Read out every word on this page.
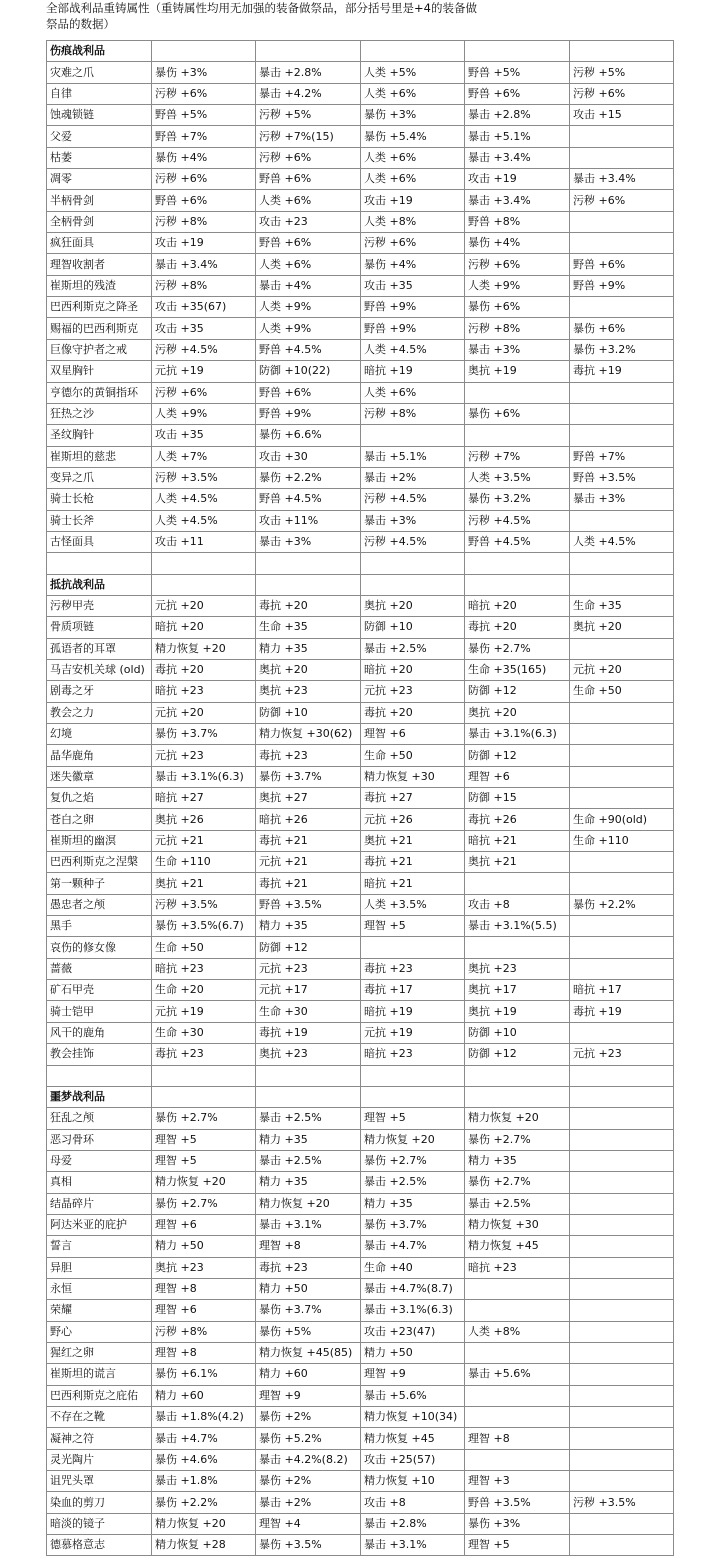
全部战利品重铸属性（重铸属性均用无加强的装备做祭品，部分括号里是+4的装备做祭品的数据）
伤痕战利品					
灾难之爪	暴伤 +3%	暴击 +2.8%	人类 +5%	野兽 +5%	污秽 +5%
自律	污秽 +6%	暴击 +4.2%	人类 +6%	野兽 +6%	污秽 +6%
蚀魂锁链	野兽 +5%	污秽 +5%	暴伤 +3%	暴击 +2.8%	攻击 +15
父爱	野兽 +7%	污秽 +7%(15)	暴伤 +5.4%	暴击 +5.1%	
枯萎	暴伤 +4%	污秽 +6%	人类 +6%	暴击 +3.4%	
凋零	污秽 +6%	野兽 +6%	人类 +6%	攻击 +19	暴击 +3.4%
半柄骨剑	野兽 +6%	人类 +6%	攻击 +19	暴击 +3.4%	污秽 +6%
全柄骨剑	污秽 +8%	攻击 +23	人类 +8%	野兽 +8%	
疯狂面具	攻击 +19	野兽 +6%	污秽 +6%	暴伤 +4%	
理智收割者	暴击 +3.4%	人类 +6%	暴伤 +4%	污秽 +6%	野兽 +6%
崔斯坦的残渣	污秽 +8%	暴击 +4%	攻击 +35	人类 +9%	野兽 +9%
巴西利斯克之降圣	攻击 +35(67)	人类 +9%	野兽 +9%	暴伤 +6%	
赐福的巴西利斯克	攻击 +35	人类 +9%	野兽 +9%	污秽 +8%	暴伤 +6%
巨像守护者之戒	污秽 +4.5%	野兽 +4.5%	人类 +4.5%	暴击 +3%	暴伤 +3.2%
双星胸针	元抗 +19	防御 +10(22)	暗抗 +19	奥抗 +19	毒抗 +19
亨德尔的黄铜指环	污秽 +6%	野兽 +6%	人类 +6%		
狂热之沙	人类 +9%	野兽 +9%	污秽 +8%	暴伤 +6%	
圣纹胸针	攻击 +35	暴伤 +6.6%			
崔斯坦的慈悲	人类 +7%	攻击 +30	暴击 +5.1%	污秽 +7%	野兽 +7%
变异之爪	污秽 +3.5%	暴伤 +2.2%	暴击 +2%	人类 +3.5%	野兽 +3.5%
骑士长枪	人类 +4.5%	野兽 +4.5%	污秽 +4.5%	暴伤 +3.2%	暴击 +3%
骑士长斧	人类 +4.5%	攻击 +11%	暴击 +3%	污秽 +4.5%	
古怪面具	攻击 +11	暴击 +3%	污秽 +4.5%	野兽 +4.5%	人类 +4.5%

抵抗战利品					
污秽甲壳	元抗 +20	毒抗 +20	奥抗 +20	暗抗 +20	生命 +35
骨质项链	暗抗 +20	生命 +35	防御 +10	毒抗 +20	奥抗 +20
孤语者的耳罩	精力恢复 +20	精力 +35	暴击 +2.5%	暴伤 +2.7%	
马吉安机关球 (old)	毒抗 +20	奥抗 +20	暗抗 +20	生命 +35(165)	元抗 +20
剧毒之牙	暗抗 +23	奥抗 +23	元抗 +23	防御 +12	生命 +50
教会之力	元抗 +20	防御 +10	毒抗 +20	奥抗 +20	
幻境	暴伤 +3.7%	精力恢复 +30(62)	理智 +6	暴击 +3.1%(6.3)	
晶华鹿角	元抗 +23	毒抗 +23	生命 +50	防御 +12	
迷失徽章	暴击 +3.1%(6.3)	暴伤 +3.7%	精力恢复 +30	理智 +6	
复仇之焰	暗抗 +27	奥抗 +27	毒抗 +27	防御 +15	
苍白之卵	奥抗 +26	暗抗 +26	元抗 +26	毒抗 +26	生命 +90(old)
崔斯坦的幽溟	元抗 +21	毒抗 +21	奥抗 +21	暗抗 +21	生命 +110
巴西利斯克之涅槃	生命 +110	元抗 +21	毒抗 +21	奥抗 +21	
第一颗种子	奥抗 +21	毒抗 +21	暗抗 +21		
愚忠者之颅	污秽 +3.5%	野兽 +3.5%	人类 +3.5%	攻击 +8	暴伤 +2.2%
黑手	暴伤 +3.5%(6.7)	精力 +35	理智 +5	暴击 +3.1%(5.5)	
哀伤的修女像	生命 +50	防御 +12			
蔷薇	暗抗 +23	元抗 +23	毒抗 +23	奥抗 +23	
矿石甲壳	生命 +20	元抗 +17	毒抗 +17	奥抗 +17	暗抗 +17
骑士铠甲	元抗 +19	生命 +30	暗抗 +19	奥抗 +19	毒抗 +19
风干的鹿角	生命 +30	毒抗 +19	元抗 +19	防御 +10	
教会挂饰	毒抗 +23	奥抗 +23	暗抗 +23	防御 +12	元抗 +23

噩梦战利品					
狂乱之颅	暴伤 +2.7%	暴击 +2.5%	理智 +5	精力恢复 +20	
恶习骨环	理智 +5	精力 +35	精力恢复 +20	暴伤 +2.7%	
母爱	理智 +5	暴击 +2.5%	暴伤 +2.7%	精力 +35	
真相	精力恢复 +20	精力 +35	暴击 +2.5%	暴伤 +2.7%	
结晶碎片	暴伤 +2.7%	精力恢复 +20	精力 +35	暴击 +2.5%	
阿达米亚的庇护	理智 +6	暴击 +3.1%	暴伤 +3.7%	精力恢复 +30	
誓言	精力 +50	理智 +8	暴击 +4.7%	精力恢复 +45	
异胆	奥抗 +23	毒抗 +23	生命 +40	暗抗 +23	
永恒	理智 +8	精力 +50	暴击 +4.7%(8.7)		
荣耀	理智 +6	暴伤 +3.7%	暴击 +3.1%(6.3)		
野心	污秽 +8%	暴伤 +5%	攻击 +23(47)	人类 +8%	
猩红之卵	理智 +8	精力恢复 +45(85)	精力 +50		
崔斯坦的谎言	暴伤 +6.1%	精力 +60	理智 +9	暴击 +5.6%	
巴西利斯克之庇佑	精力 +60	理智 +9	暴击 +5.6%		
不存在之靴	暴击 +1.8%(4.2)	暴伤 +2%	精力恢复 +10(34)		
凝神之符	暴击 +4.7%	暴伤 +5.2%	精力恢复 +45	理智 +8	
灵光陶片	暴伤 +4.6%	暴击 +4.2%(8.2)	攻击 +25(57)		
诅咒头罩	暴击 +1.8%	暴伤 +2%	精力恢复 +10	理智 +3	
染血的剪刀	暴伤 +2.2%	暴击 +2%	攻击 +8	野兽 +3.5%	污秽 +3.5%
暗淡的镜子	精力恢复 +20	理智 +4	暴击 +2.8%	暴伤 +3%	
德慕格意志	精力恢复 +28	暴伤 +3.5%	暴击 +3.1%	理智 +5	
